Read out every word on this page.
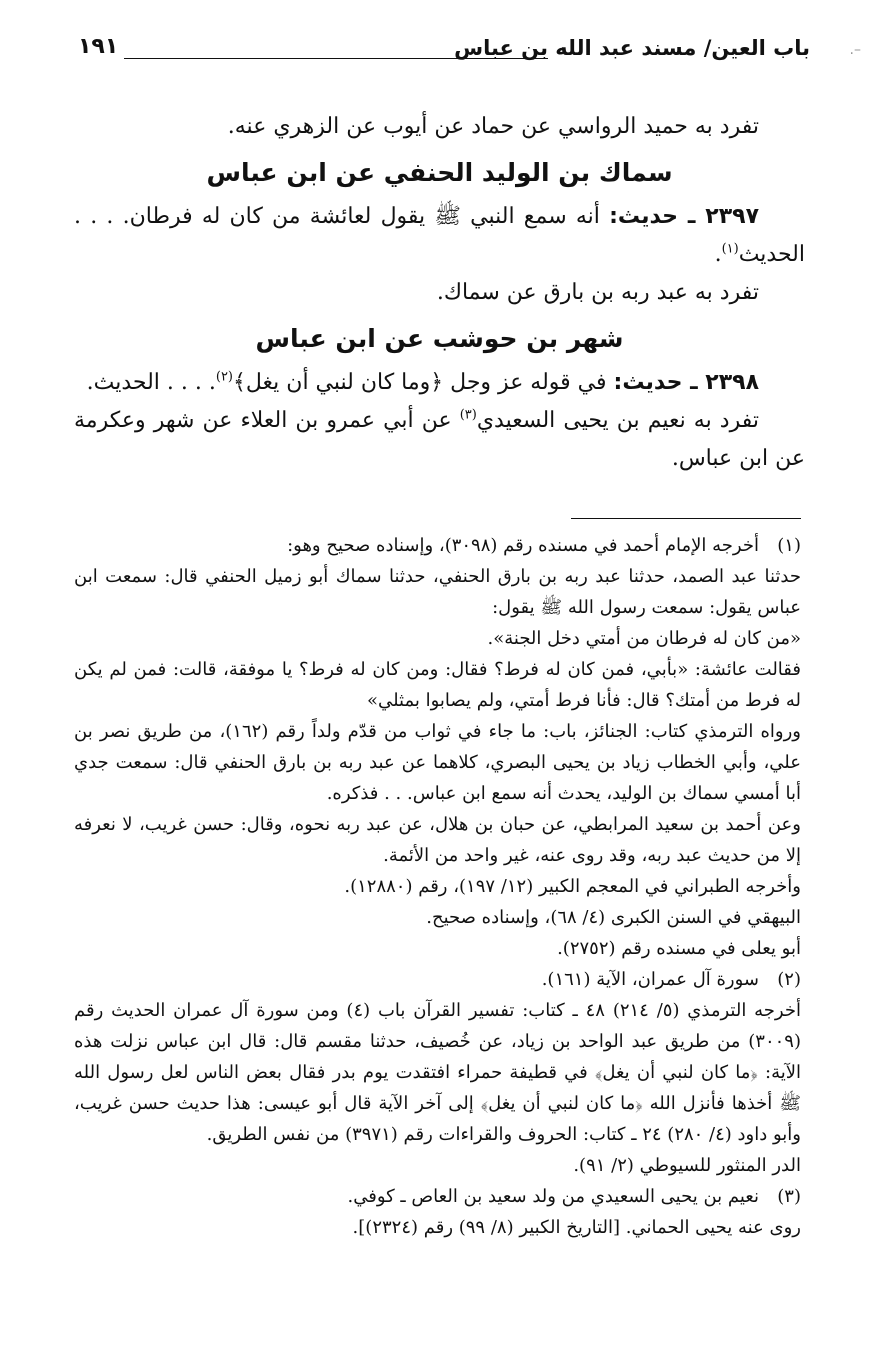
باب العين/ مسند عبد الله بن عباس
١٩١	–.

تفرد به حميد الرواسي عن حماد عن أيوب عن الزهري عنه.

سماك بن الوليد الحنفي عن ابن عباس

٢٣٩٧ ـ حديث: أنه سمع النبي ﷺ يقول لعائشة من كان له فرطان. . . . الحديث$^{(١)}$.

تفرد به عبد ربه بن بارق عن سماك.

شهر بن حوشب عن ابن عباس

٢٣٩٨ ـ حديث: في قوله عز وجل ﴿وما كان لنبي أن يغل﴾$^{(٢)}$. . . . الحديث.

تفرد به نعيم بن يحيى السعيدي$^{(٣)}$ عن أبي عمرو بن العلاء عن شهر وعكرمة عن ابن عباس.

(١)

أخرجه الإمام أحمد في مسنده رقم (٣٠٩٨)، وإسناده صحيح وهو:

حدثنا عبد الصمد، حدثنا عبد ربه بن بارق الحنفي، حدثنا سماك أبو زميل الحنفي قال: سمعت ابن عباس يقول: سمعت رسول الله ﷺ يقول:

«من كان له فرطان من أمتي دخل الجنة».

فقالت عائشة: «بأبي، فمن كان له فرط؟ فقال: ومن كان له فرط؟ يا موفقة، قالت: فمن لم يكن له فرط من أمتك؟ قال: فأنا فرط أمتي، ولم يصابوا بمثلي»

ورواه الترمذي كتاب: الجنائز، باب: ما جاء في ثواب من قدّم ولداً رقم (١٦٢)، من طريق نصر بن علي، وأبي الخطاب زياد بن يحيى البصري، كلاهما عن عبد ربه بن بارق الحنفي قال: سمعت جدي أبا أمسي سماك بن الوليد، يحدث أنه سمع ابن عباس. . . فذكره.

وعن أحمد بن سعيد المرابطي، عن حبان بن هلال، عن عبد ربه نحوه، وقال: حسن غريب، لا نعرفه إلا من حديث عبد ربه، وقد روى عنه، غير واحد من الأئمة.

وأخرجه الطبراني في المعجم الكبير (١٢/ ١٩٧)، رقم (١٢٨٨٠).

البيهقي في السنن الكبرى (٤/ ٦٨)، وإسناده صحيح.

أبو يعلى في مسنده رقم (٢٧٥٢).

(٢)

سورة آل عمران، الآية (١٦١).

أخرجه الترمذي (٥/ ٢١٤) ٤٨ ـ كتاب: تفسير القرآن باب (٤) ومن سورة آل عمران الحديث رقم (٣٠٠٩) من طريق عبد الواحد بن زياد، عن خُصيف، حدثنا مقسم قال: قال ابن عباس نزلت هذه الآية: ﴿ما كان لنبي أن يغل﴾ في قطيفة حمراء افتقدت يوم بدر فقال بعض الناس لعل رسول الله ﷺ أخذها فأنزل الله ﴿ما كان لنبي أن يغل﴾ إلى آخر الآية قال أبو عيسى: هذا حديث حسن غريب، وأبو داود (٤/ ٢٨٠) ٢٤ ـ كتاب: الحروف والقراءات رقم (٣٩٧١) من نفس الطريق.

الدر المنثور للسيوطي (٢/ ٩١).

(٣)

نعيم بن يحيى السعيدي من ولد سعيد بن العاص ـ كوفي.

روى عنه يحيى الحماني. [التاريخ الكبير (٨/ ٩٩) رقم (٢٣٢٤)].
